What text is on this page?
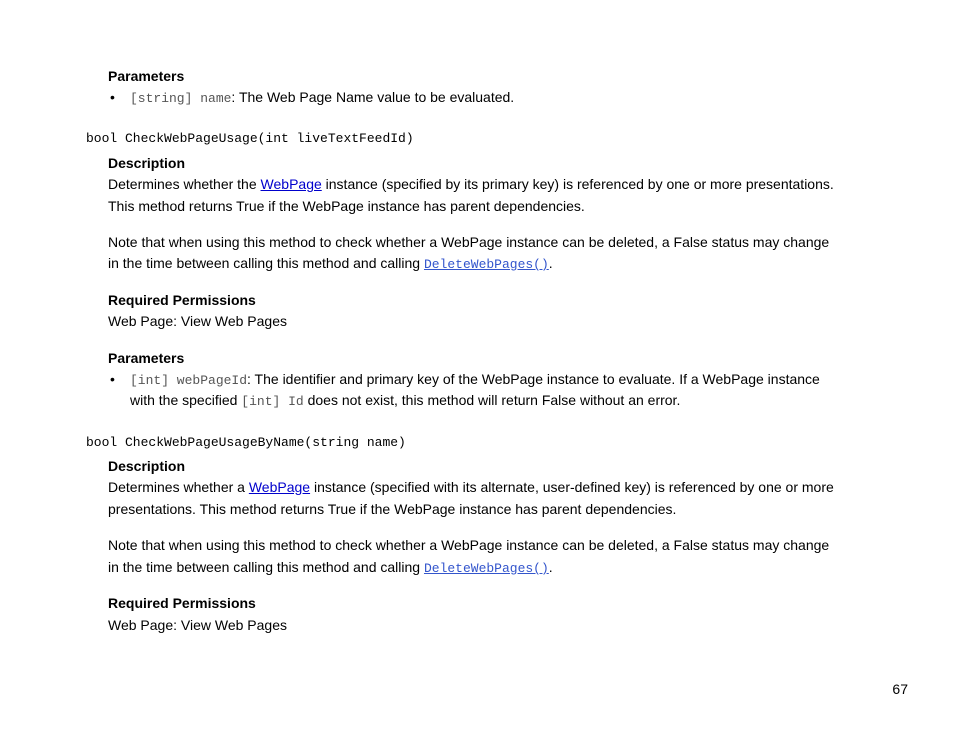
Parameters
• [string] name: The Web Page Name value to be evaluated.
bool CheckWebPageUsage(int liveTextFeedId)
Description
Determines whether the WebPage instance (specified by its primary key) is referenced by one or more presentations.
This method returns True if the WebPage instance has parent dependencies.
Note that when using this method to check whether a WebPage instance can be deleted, a False status may change
in the time between calling this method and calling DeleteWebPages().
Required Permissions
Web Page: View Web Pages
Parameters
• [int] webPageId: The identifier and primary key of the WebPage instance to evaluate. If a WebPage instance
with the specified [int] Id does not exist, this method will return False without an error.
bool CheckWebPageUsageByName(string name)
Description
Determines whether a WebPage instance (specified with its alternate, user-defined key) is referenced by one or more
presentations. This method returns True if the WebPage instance has parent dependencies.
Note that when using this method to check whether a WebPage instance can be deleted, a False status may change
in the time between calling this method and calling DeleteWebPages().
Required Permissions
Web Page: View Web Pages
67
